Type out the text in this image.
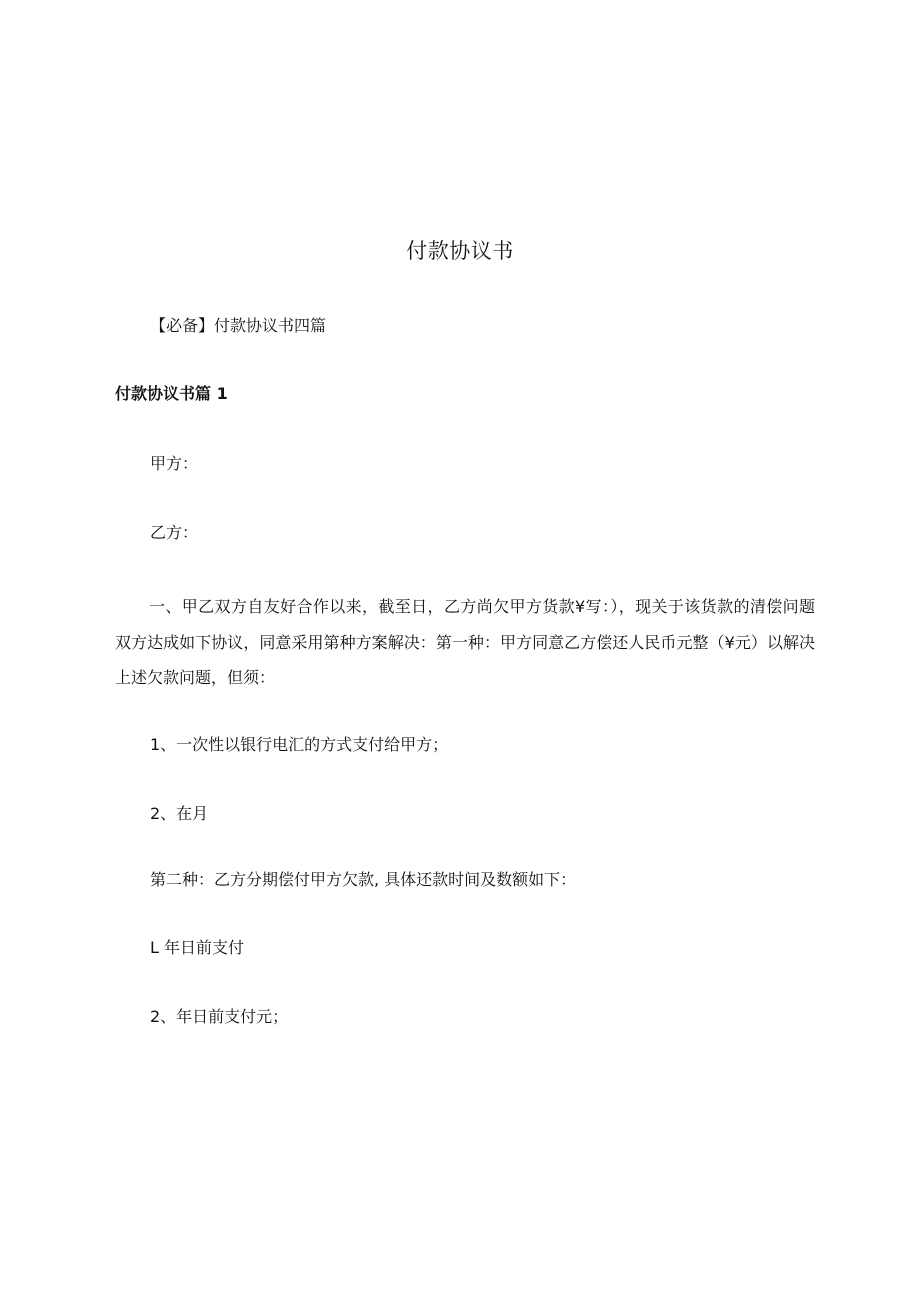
付款协议书
【必备】付款协议书四篇
付款协议书篇 1
甲方：
乙方：
一、甲乙双方自友好合作以来，截至日，乙方尚欠甲方货款¥写：），现关于该货款的清偿问题双方达成如下协议，同意采用第种方案解决：第一种：甲方同意乙方偿还人民币元整（¥元）以解决上述欠款问题，但须：
1、一次性以银行电汇的方式支付给甲方；
2、在月
第二种：乙方分期偿付甲方欠款, 具体还款时间及数额如下：
L 年日前支付
2、年日前支付元；
